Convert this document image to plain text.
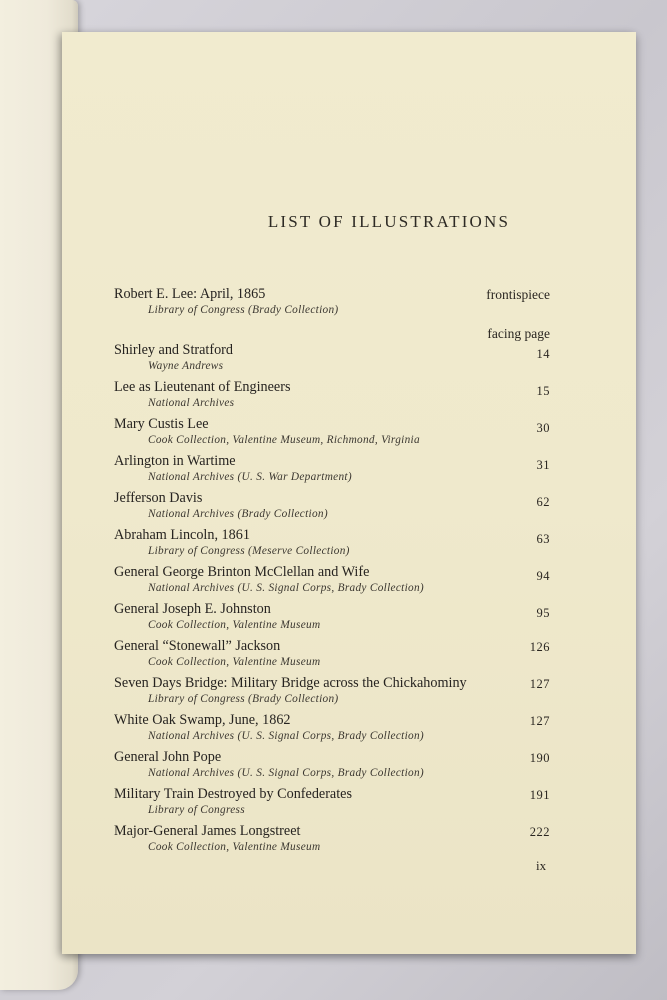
LIST OF ILLUSTRATIONS
Robert E. Lee: April, 1865
Library of Congress (Brady Collection)
frontispiece
facing page
Shirley and Stratford
Wayne Andrews
14
Lee as Lieutenant of Engineers
National Archives
15
Mary Custis Lee
Cook Collection, Valentine Museum, Richmond, Virginia
30
Arlington in Wartime
National Archives (U. S. War Department)
31
Jefferson Davis
National Archives (Brady Collection)
62
Abraham Lincoln, 1861
Library of Congress (Meserve Collection)
63
General George Brinton McClellan and Wife
National Archives (U. S. Signal Corps, Brady Collection)
94
General Joseph E. Johnston
Cook Collection, Valentine Museum
95
General “Stonewall” Jackson
Cook Collection, Valentine Museum
126
Seven Days Bridge: Military Bridge across the Chickahominy
Library of Congress (Brady Collection)
127
White Oak Swamp, June, 1862
National Archives (U. S. Signal Corps, Brady Collection)
127
General John Pope
National Archives (U. S. Signal Corps, Brady Collection)
190
Military Train Destroyed by Confederates
Library of Congress
191
Major-General James Longstreet
Cook Collection, Valentine Museum
222
ix
